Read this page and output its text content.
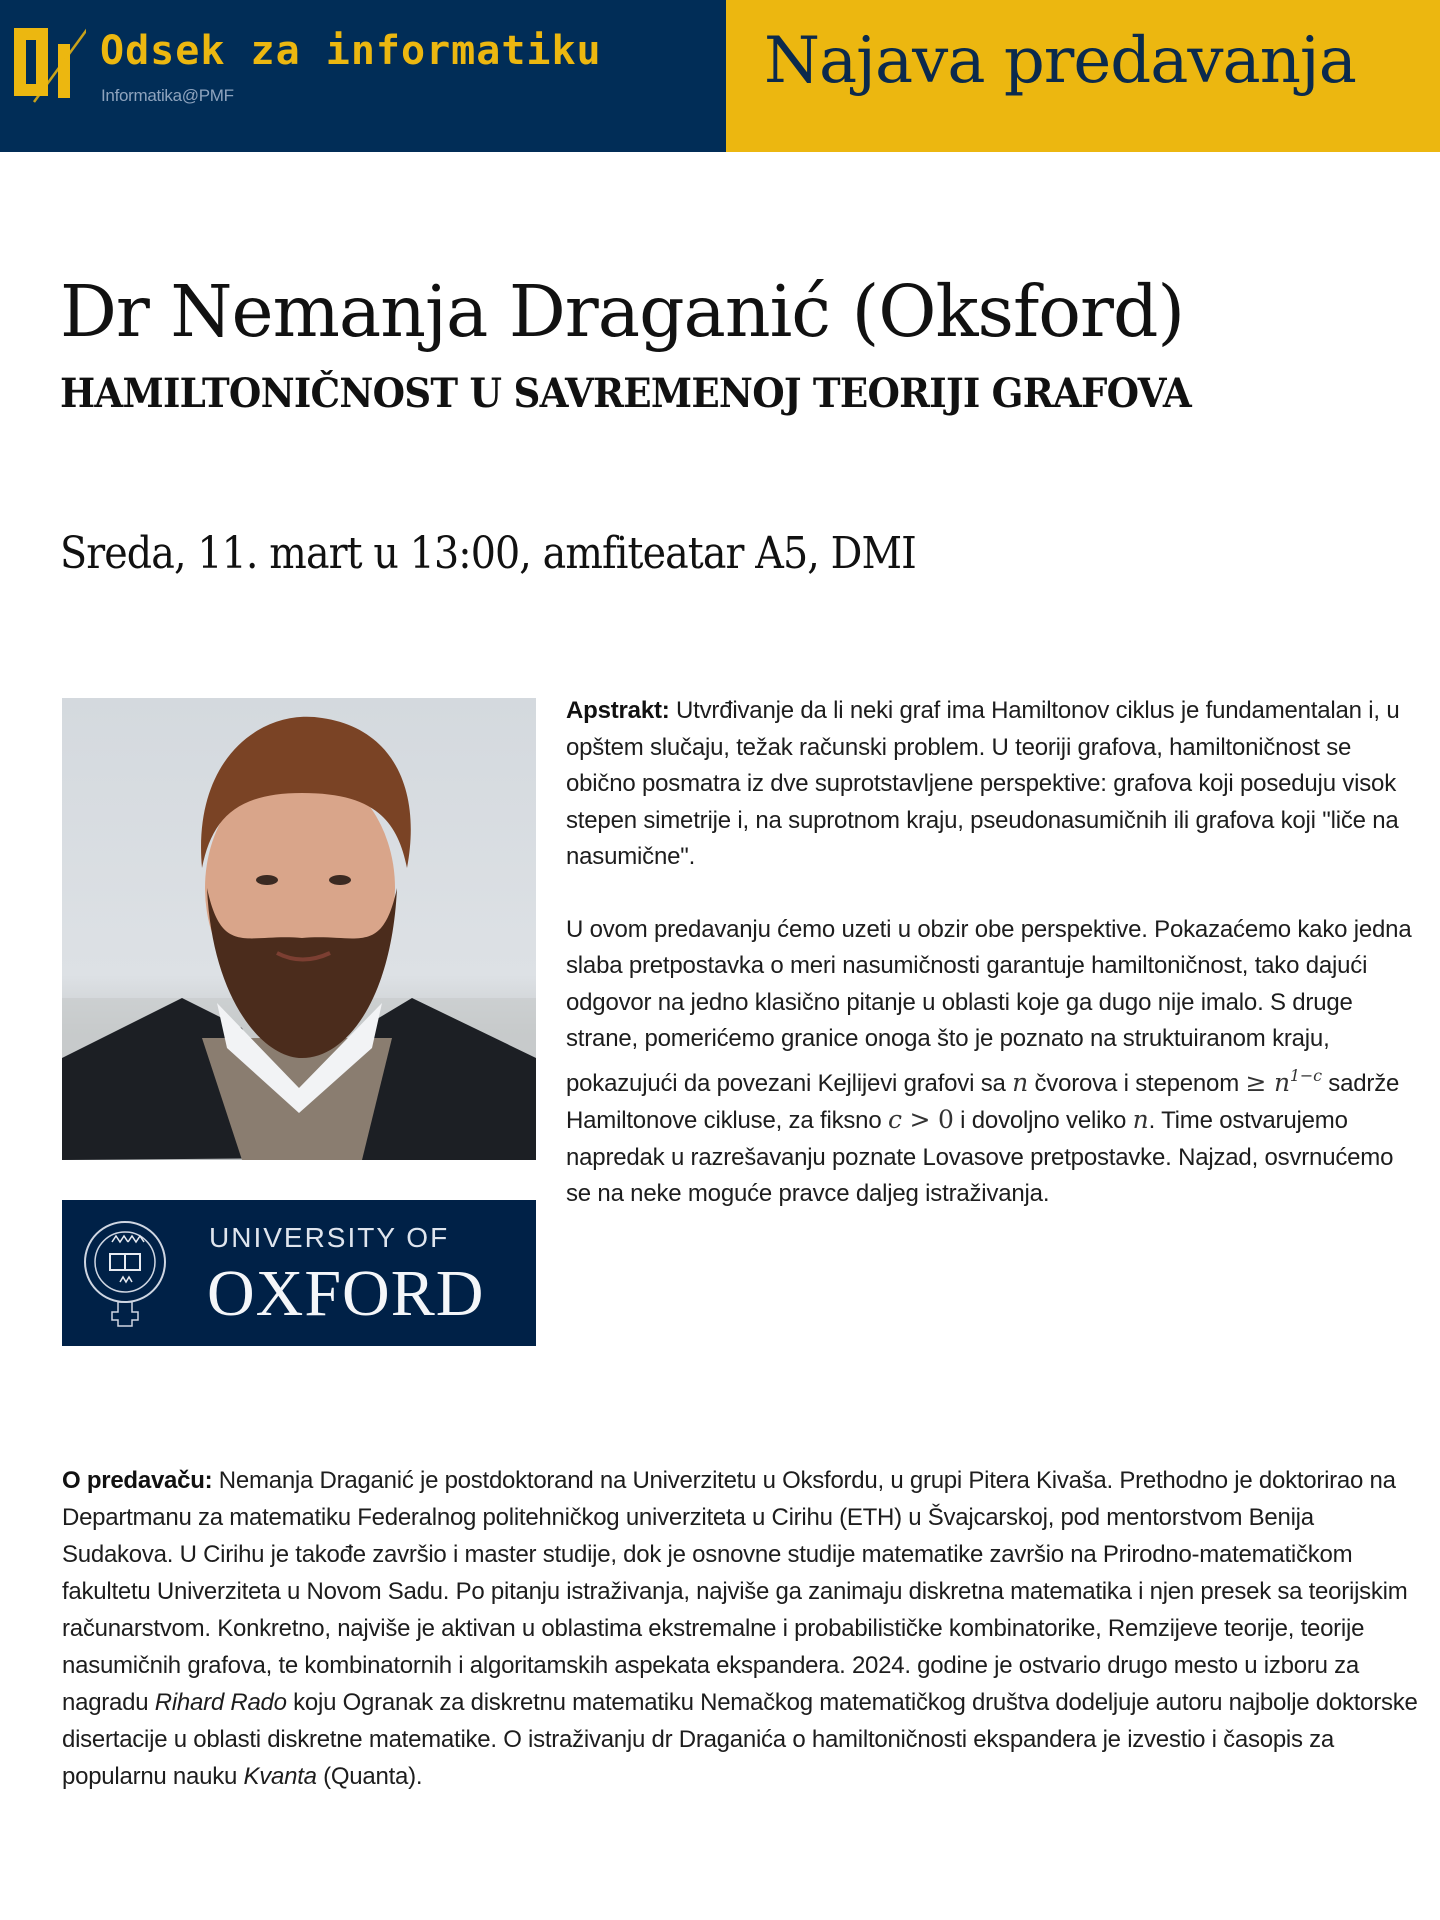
Odsek za informatiku
Informatika@PMF	Najava predavanja
Dr Nemanja Draganić (Oksford)
HAMILTONIČNOST U SAVREMENOJ TEORIJI GRAFOVA
Sreda, 11. mart u 13:00, amfiteatar A5, DMI
UNIVERSITY OF
OXFORD

Apstrakt: Utvrđivanje da li neki graf ima Hamiltonov ciklus je fundamentalan i, u opštem slučaju, težak računski problem. U teoriji grafova, hamiltoničnost se obično posmatra iz dve suprotstavljene perspektive: grafova koji poseduju visok stepen simetrije i, na suprotnom kraju, pseudonasumičnih ili grafova koji "liče na nasumične".

U ovom predavanju ćemo uzeti u obzir obe perspektive. Pokazaćemo kako jedna slaba pretpostavka o meri nasumičnosti garantuje hamiltoničnost, tako dajući odgovor na jedno klasično pitanje u oblasti koje ga dugo nije imalo. S druge strane, pomerićemo granice onoga što je poznato na struktuiranom kraju, pokazujući da povezani Kejlijevi grafovi sa n čvorova i stepenom ≥ $n^{1-c}$ sadrže Hamiltonove cikluse, za fiksno c > 0 i dovoljno veliko n. Time ostvarujemo napredak u razrešavanju poznate Lovasove pretpostavke. Najzad, osvrnućemo se na neke moguće pravce daljeg istraživanja.

O predavaču: Nemanja Draganić je postdoktorand na Univerzitetu u Oksfordu, u grupi Pitera Kivaša. Prethodno je doktorirao na Departmanu za matematiku Federalnog politehničkog univerziteta u Cirihu (ETH) u Švajcarskoj, pod mentorstvom Benija Sudakova. U Cirihu je takođe završio i master studije, dok je osnovne studije matematike završio na Prirodno-matematičkom fakultetu Univerziteta u Novom Sadu. Po pitanju istraživanja, najviše ga zanimaju diskretna matematika i njen presek sa teorijskim računarstvom. Konkretno, najviše je aktivan u oblastima ekstremalne i probabilističke kombinatorike, Remzijeve teorije, teorije nasumičnih grafova, te kombinatornih i algoritamskih aspekata ekspandera. 2024. godine je ostvario drugo mesto u izboru za nagradu Rihard Rado koju Ogranak za diskretnu matematiku Nemačkog matematičkog društva dodeljuje autoru najbolje doktorske disertacije u oblasti diskretne matematike. O istraživanju dr Draganića o hamiltoničnosti ekspandera je izvestio i časopis za popularnu nauku Kvanta (Quanta).
